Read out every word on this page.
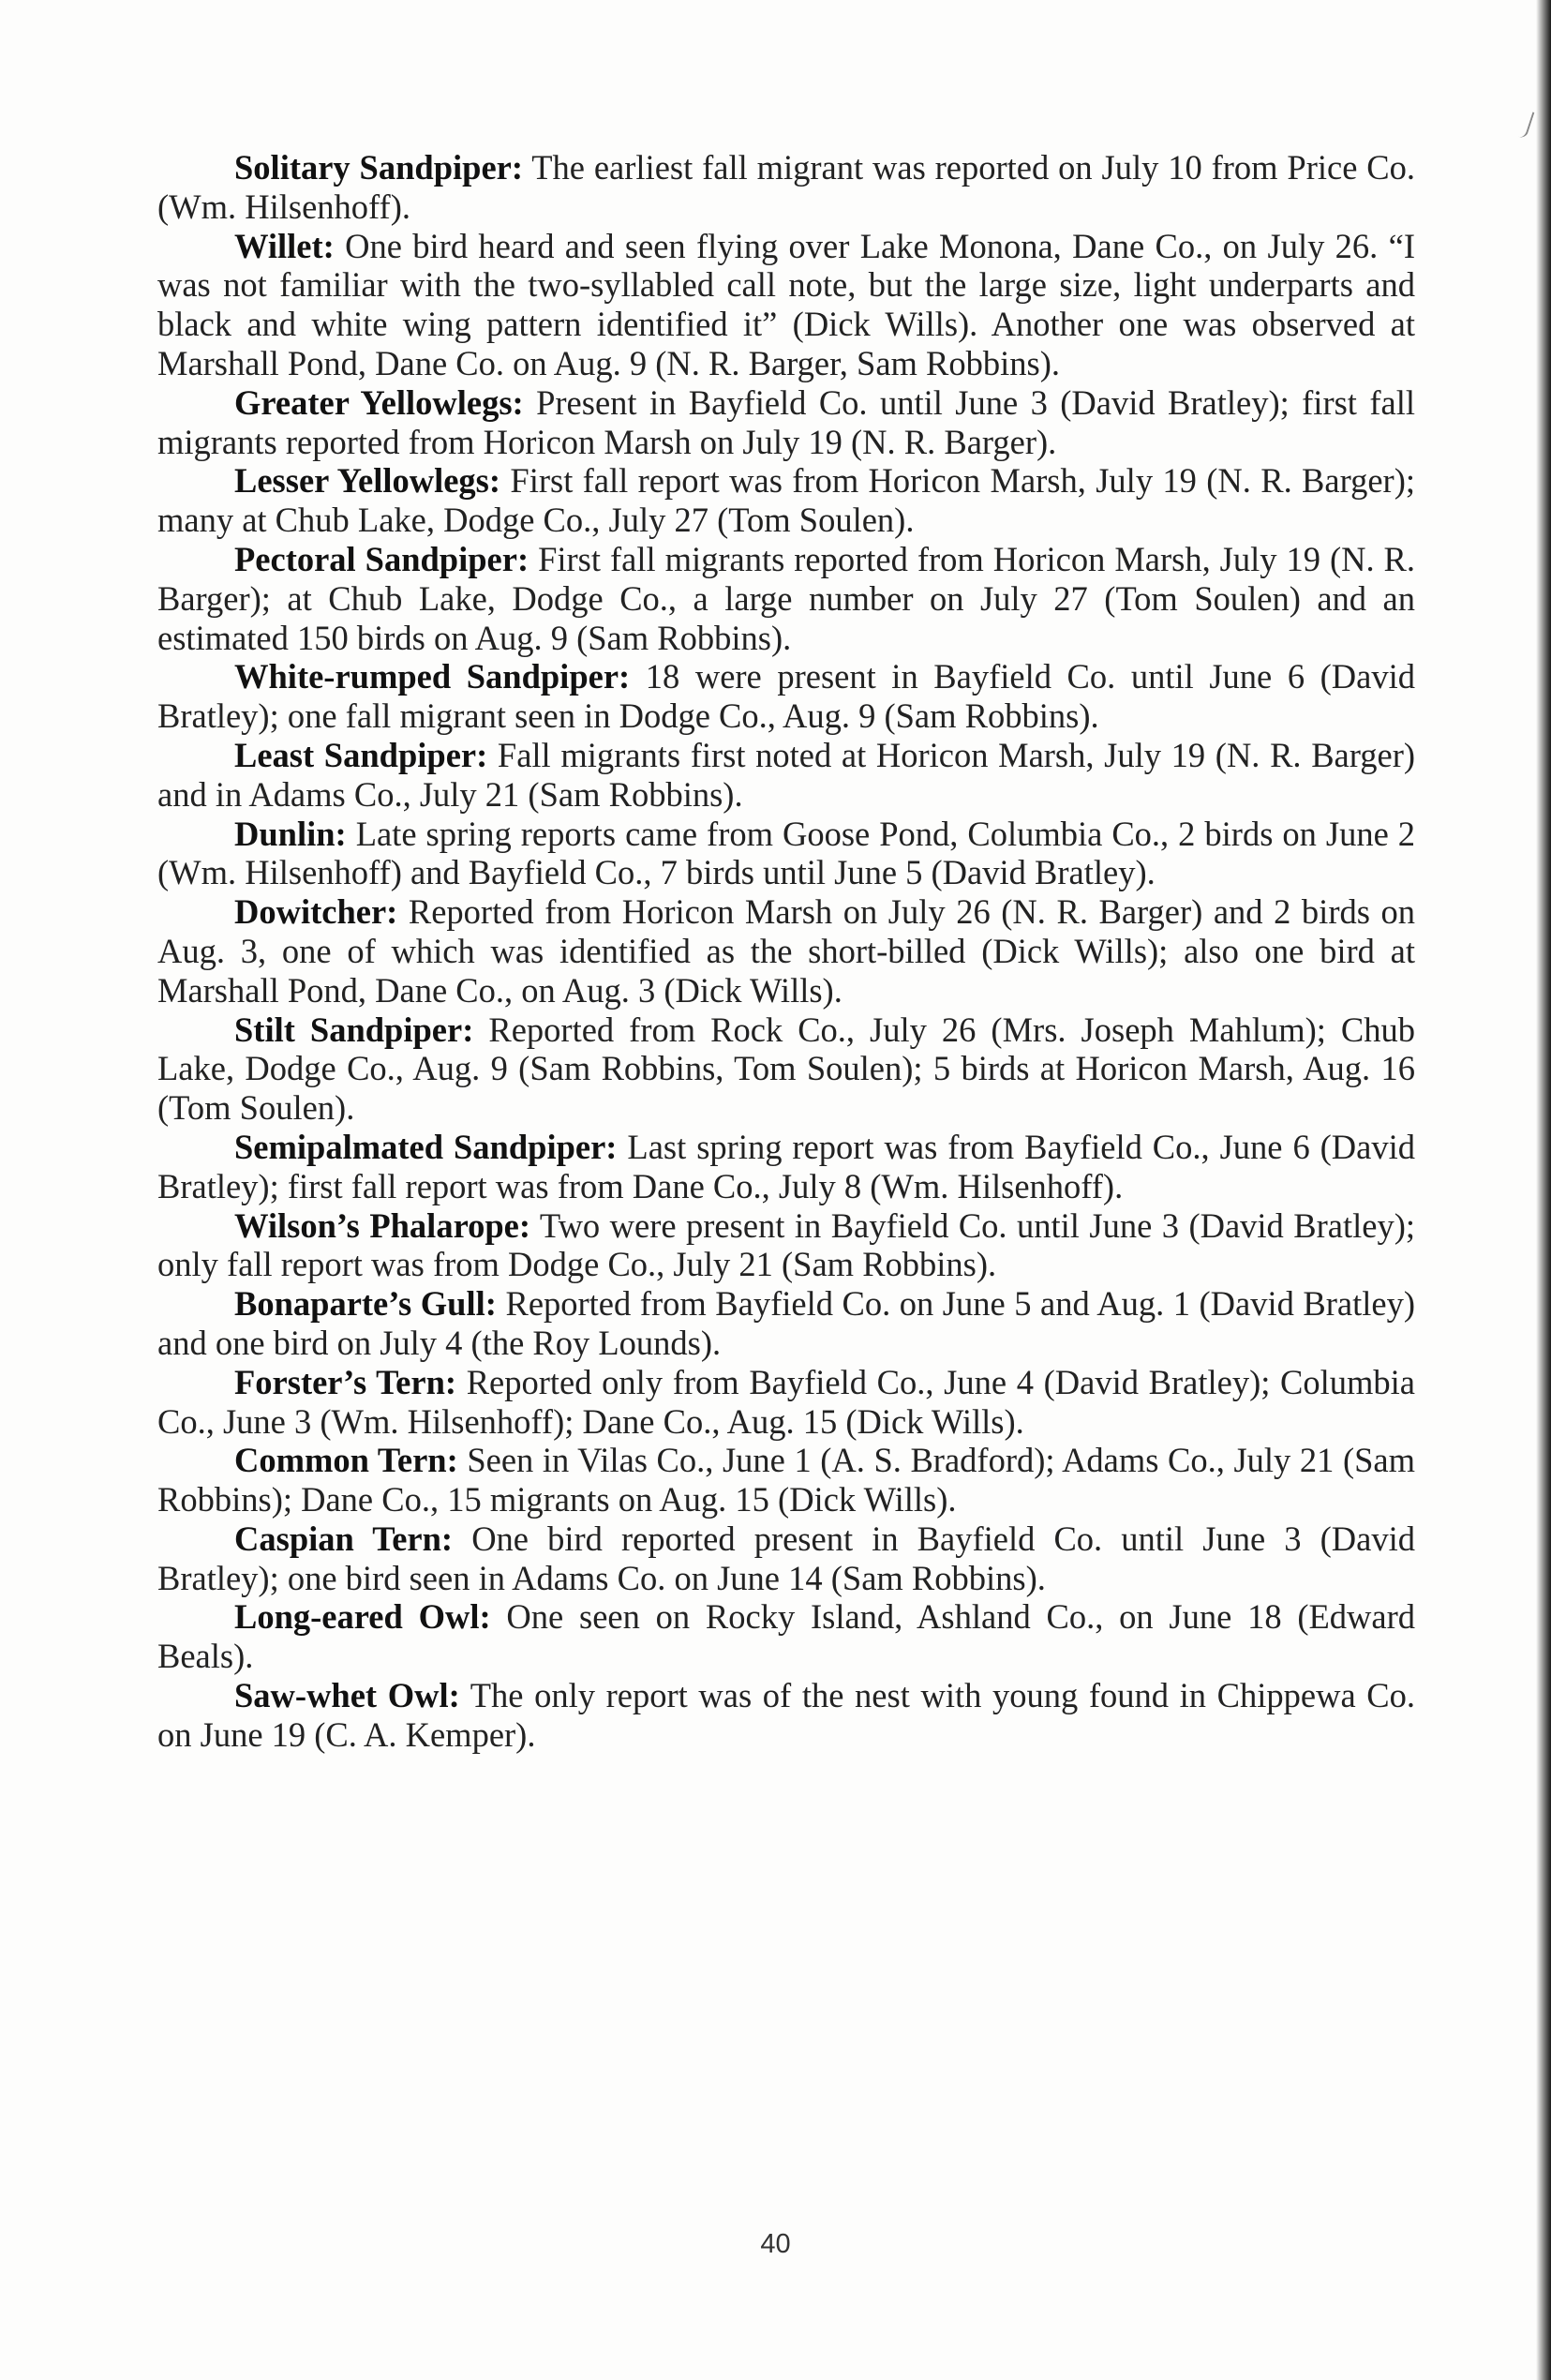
Solitary Sandpiper: The earliest fall migrant was reported on July 10 from Price Co. (Wm. Hilsenhoff).

Willet: One bird heard and seen flying over Lake Monona, Dane Co., on July 26. “I was not familiar with the two-syllabled call note, but the large size, light underparts and black and white wing pattern identified it” (Dick Wills). Another one was observed at Marshall Pond, Dane Co. on Aug. 9 (N. R. Barger, Sam Robbins).

Greater Yellowlegs: Present in Bayfield Co. until June 3 (David Bratley); first fall migrants reported from Horicon Marsh on July 19 (N. R. Barger).

Lesser Yellowlegs: First fall report was from Horicon Marsh, July 19 (N. R. Barger); many at Chub Lake, Dodge Co., July 27 (Tom Soulen).

Pectoral Sandpiper: First fall migrants reported from Horicon Marsh, July 19 (N. R. Barger); at Chub Lake, Dodge Co., a large number on July 27 (Tom Soulen) and an estimated 150 birds on Aug. 9 (Sam Robbins).

White-rumped Sandpiper: 18 were present in Bayfield Co. until June 6 (David Bratley); one fall migrant seen in Dodge Co., Aug. 9 (Sam Robbins).

Least Sandpiper: Fall migrants first noted at Horicon Marsh, July 19 (N. R. Barger) and in Adams Co., July 21 (Sam Robbins).

Dunlin: Late spring reports came from Goose Pond, Columbia Co., 2 birds on June 2 (Wm. Hilsenhoff) and Bayfield Co., 7 birds until June 5 (David Bratley).

Dowitcher: Reported from Horicon Marsh on July 26 (N. R. Barger) and 2 birds on Aug. 3, one of which was identified as the short-billed (Dick Wills); also one bird at Marshall Pond, Dane Co., on Aug. 3 (Dick Wills).

Stilt Sandpiper: Reported from Rock Co., July 26 (Mrs. Joseph Mahlum); Chub Lake, Dodge Co., Aug. 9 (Sam Robbins, Tom Soulen); 5 birds at Horicon Marsh, Aug. 16 (Tom Soulen).

Semipalmated Sandpiper: Last spring report was from Bayfield Co., June 6 (David Bratley); first fall report was from Dane Co., July 8 (Wm. Hilsenhoff).

Wilson’s Phalarope: Two were present in Bayfield Co. until June 3 (David Bratley); only fall report was from Dodge Co., July 21 (Sam Robbins).

Bonaparte’s Gull: Reported from Bayfield Co. on June 5 and Aug. 1 (David Bratley) and one bird on July 4 (the Roy Lounds).

Forster’s Tern: Reported only from Bayfield Co., June 4 (David Bratley); Columbia Co., June 3 (Wm. Hilsenhoff); Dane Co., Aug. 15 (Dick Wills).

Common Tern: Seen in Vilas Co., June 1 (A. S. Bradford); Adams Co., July 21 (Sam Robbins); Dane Co., 15 migrants on Aug. 15 (Dick Wills).

Caspian Tern: One bird reported present in Bayfield Co. until June 3 (David Bratley); one bird seen in Adams Co. on June 14 (Sam Robbins).

Long-eared Owl: One seen on Rocky Island, Ashland Co., on June 18 (Edward Beals).

Saw-whet Owl: The only report was of the nest with young found in Chippewa Co. on June 19 (C. A. Kemper).

40
